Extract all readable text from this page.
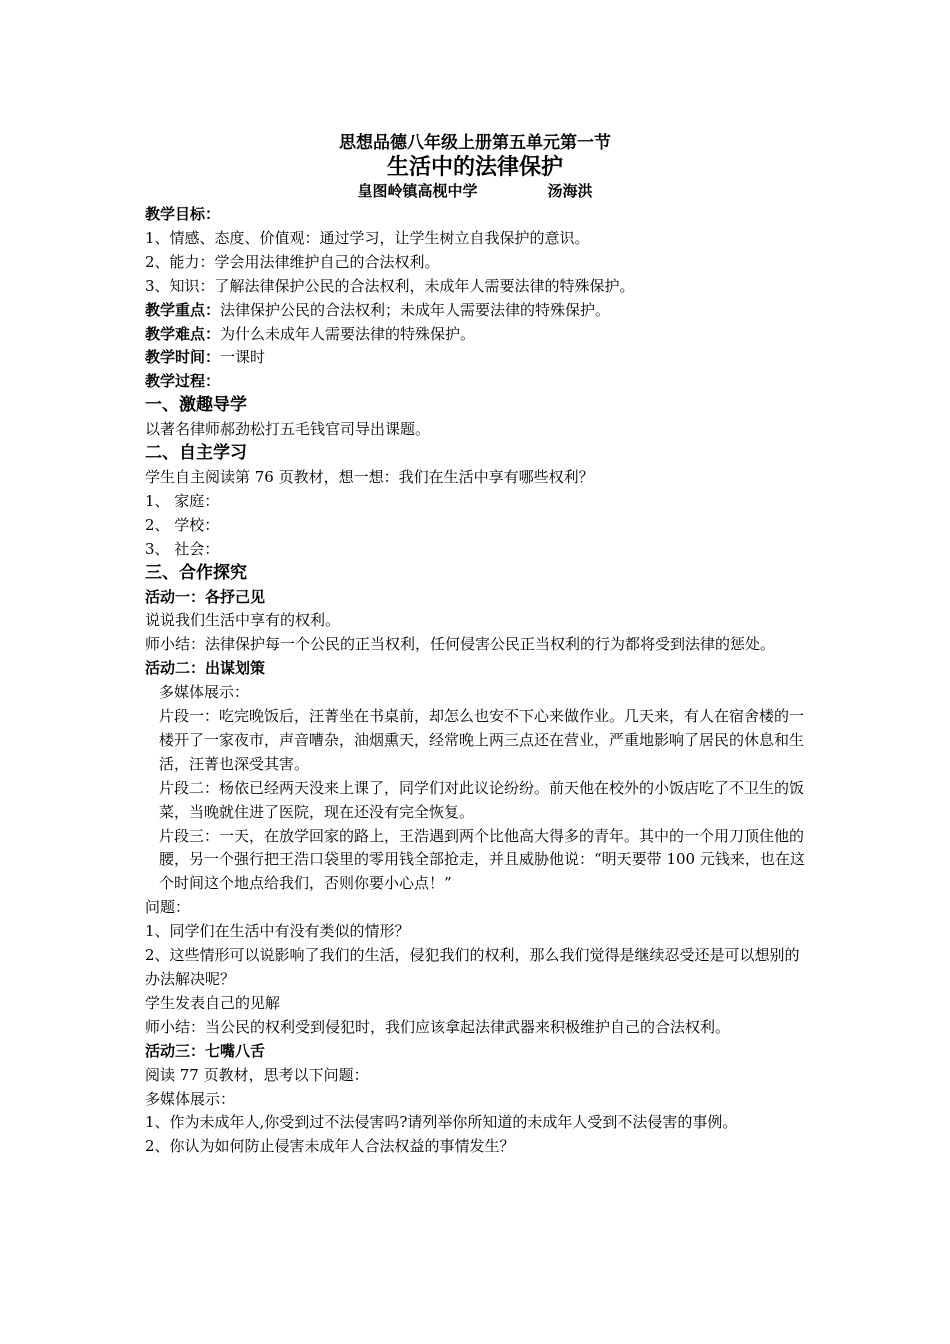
思想品德八年级上册第五单元第一节
生活中的法律保护
皇图岭镇高枧中学	汤海洪
教学目标：
1、情感、态度、价值观：通过学习，让学生树立自我保护的意识。
2、能力：学会用法律维护自己的合法权利。
3、知识：了解法律保护公民的合法权利，未成年人需要法律的特殊保护。
教学重点：法律保护公民的合法权利；未成年人需要法律的特殊保护。
教学难点：为什么未成年人需要法律的特殊保护。
教学时间：一课时
教学过程：
一、激趣导学
以著名律师郝劲松打五毛钱官司导出课题。
二、自主学习
学生自主阅读第 76 页教材，想一想：我们在生活中享有哪些权利？
1、 家庭：
2、 学校：
3、 社会：
三、合作探究
活动一：各抒己见
说说我们生活中享有的权利。
师小结：法律保护每一个公民的正当权利，任何侵害公民正当权利的行为都将受到法律的惩处。
活动二：出谋划策
多媒体展示：
片段一：吃完晚饭后，汪菁坐在书桌前，却怎么也安不下心来做作业。几天来，有人在宿舍楼的一楼开了一家夜市，声音嘈杂，油烟熏天，经常晚上两三点还在营业，严重地影响了居民的休息和生活，汪菁也深受其害。
片段二：杨依已经两天没来上课了，同学们对此议论纷纷。前天他在校外的小饭店吃了不卫生的饭菜，当晚就住进了医院，现在还没有完全恢复。
片段三：一天，在放学回家的路上，王浩遇到两个比他高大得多的青年。其中的一个用刀顶住他的腰，另一个强行把王浩口袋里的零用钱全部抢走，并且威胁他说：“明天要带 100 元钱来，也在这个时间这个地点给我们，否则你要小心点！”
问题：
1、同学们在生活中有没有类似的情形？
2、这些情形可以说影响了我们的生活，侵犯我们的权利，那么我们觉得是继续忍受还是可以想别的办法解决呢？
学生发表自己的见解
师小结：当公民的权利受到侵犯时，我们应该拿起法律武器来积极维护自己的合法权利。
活动三：七嘴八舌
阅读 77 页教材，思考以下问题：
多媒体展示：
1、作为未成年人,你受到过不法侵害吗?请列举你所知道的未成年人受到不法侵害的事例。
2、你认为如何防止侵害未成年人合法权益的事情发生？
